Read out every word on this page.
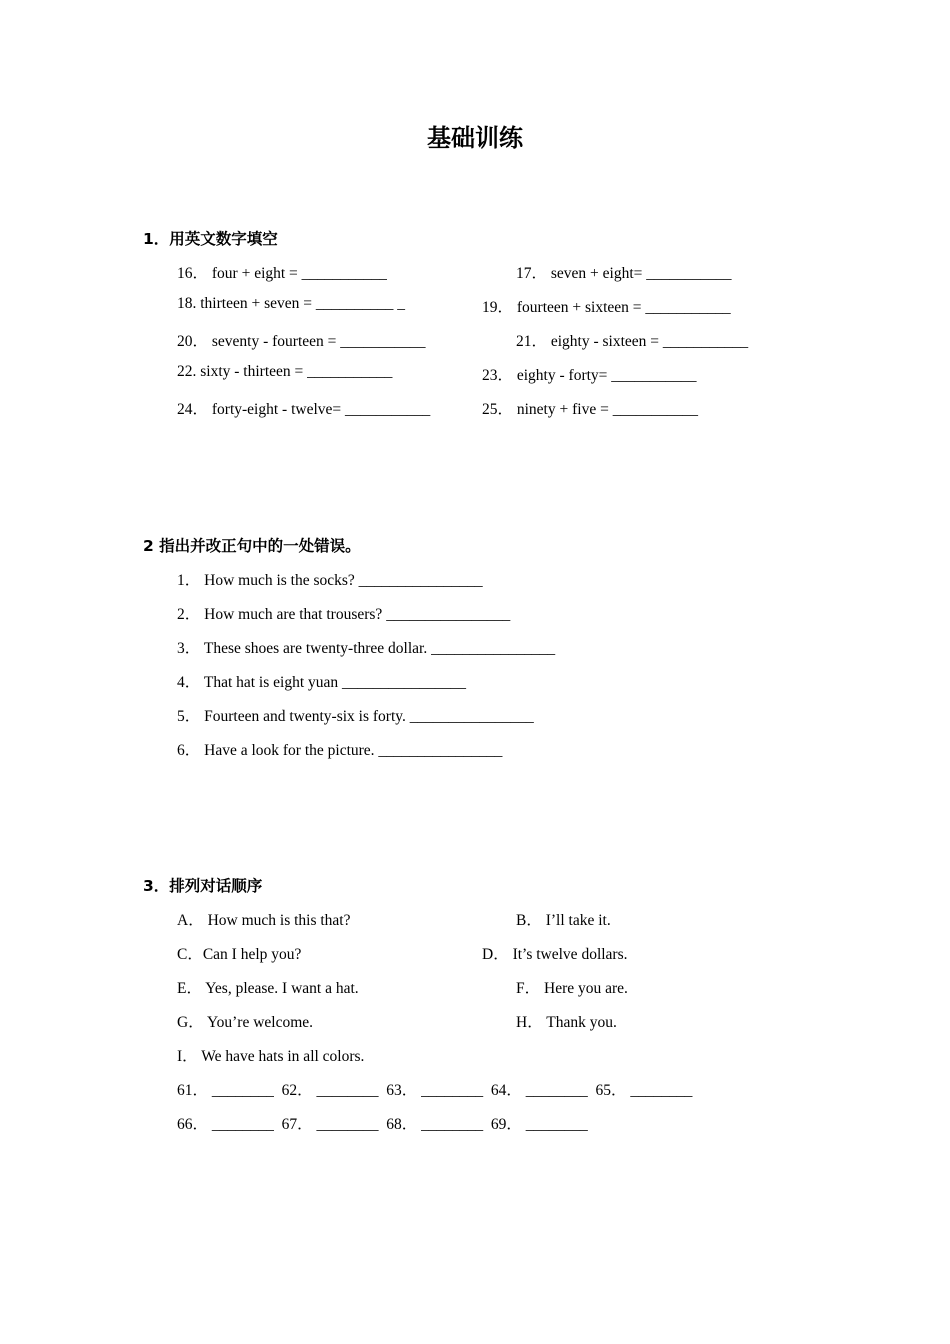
基础训练
1．用英文数字填空
16． four + eight = ___________	17． seven + eight= ___________
18. thirteen + seven = __________ _	19． fourteen + sixteen = ___________
20． seventy - fourteen = ___________	21． eighty - sixteen = ___________
22. sixty - thirteen = ___________	23． eighty - forty= ___________
24． forty-eight - twelve= ___________	25． ninety + five = ___________
2 指出并改正句中的一处错误。
1． How much is the socks? ________________
2． How much are that trousers? ________________
3． These shoes are twenty-three dollar. ________________
4． That hat is eight yuan ________________
5． Fourteen and twenty-six is forty. ________________
6． Have a look for the picture. ________________
3．排列对话顺序
A． How much is this that?	B． I’ll take it.
C．Can I help you?	D． It’s twelve dollars.
E． Yes, please. I want a hat.	F． Here you are.
G． You’re welcome.	H． Thank you.
I． We have hats in all colors.
61． ________  62． ________  63． ________  64． ________  65． ________
66． ________  67． ________  68． ________  69． ________
